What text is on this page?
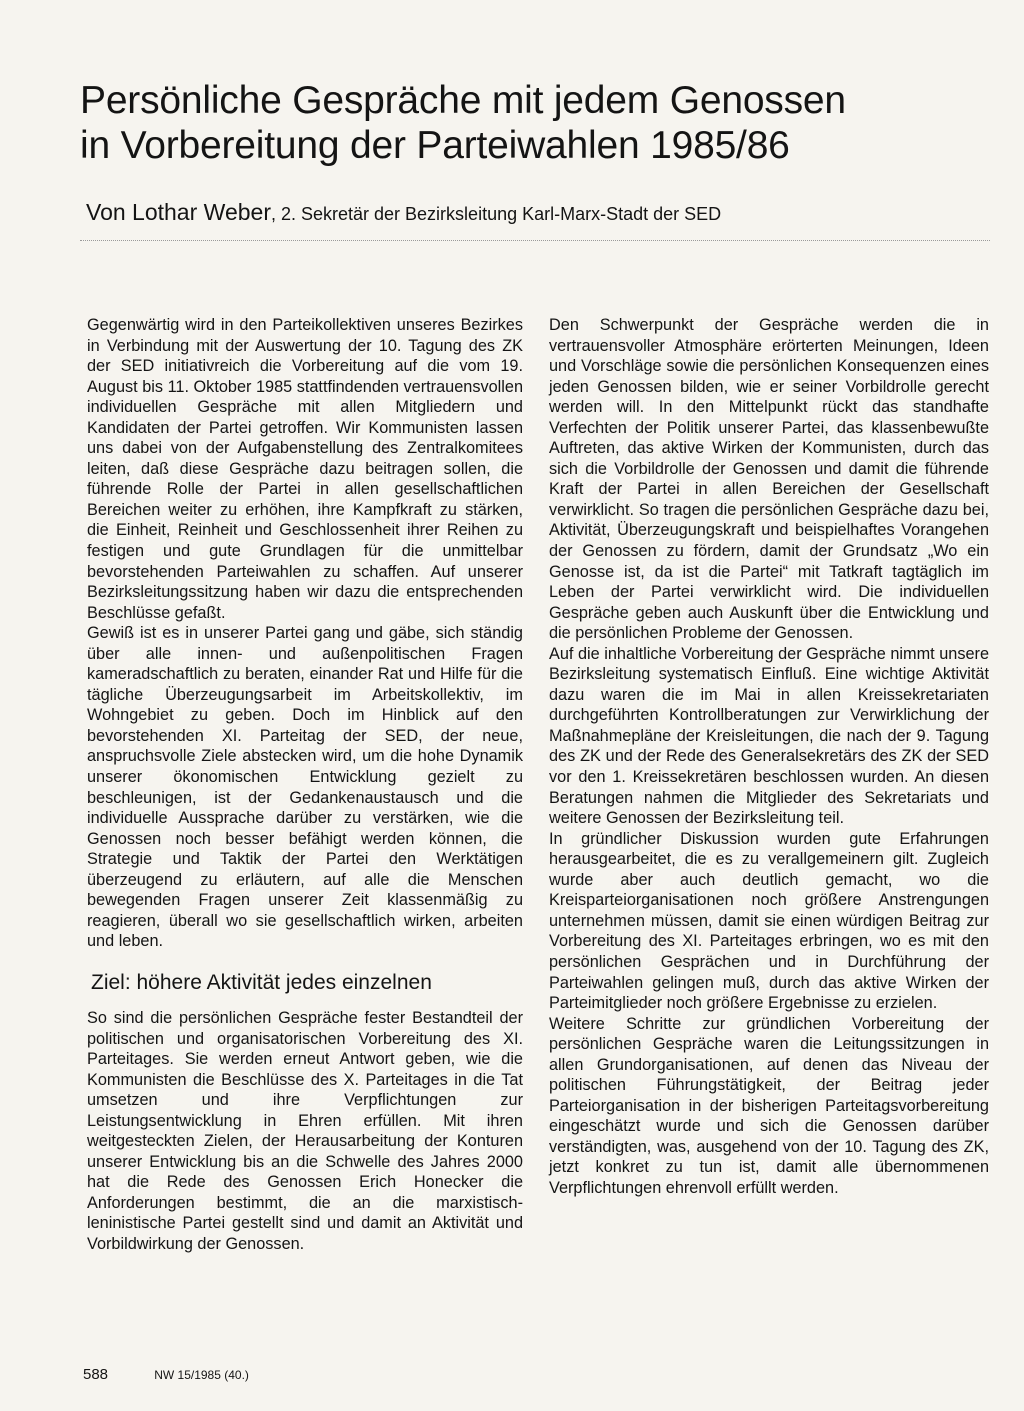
Persönliche Gespräche mit jedem Genossen
in Vorbereitung der Parteiwahlen 1985/86
Von Lothar Weber, 2. Sekretär der Bezirksleitung Karl-Marx-Stadt der SED

Gegenwärtig wird in den Parteikollektiven unseres Bezirkes in Verbindung mit der Auswertung der 10. Tagung des ZK der SED initiativreich die Vorbereitung auf die vom 19. August bis 11. Oktober 1985 stattfindenden vertrauensvollen individuellen Gespräche mit allen Mitgliedern und Kandidaten der Partei getroffen. Wir Kommunisten lassen uns dabei von der Aufgabenstellung des Zentralkomitees leiten, daß diese Gespräche dazu beitragen sollen, die führende Rolle der Partei in allen gesellschaftlichen Bereichen weiter zu erhöhen, ihre Kampfkraft zu stärken, die Einheit, Reinheit und Geschlossenheit ihrer Reihen zu festigen und gute Grundlagen für die unmittelbar bevorstehenden Parteiwahlen zu schaffen. Auf unserer Bezirksleitungssitzung haben wir dazu die entsprechenden Beschlüsse gefaßt.

Gewiß ist es in unserer Partei gang und gäbe, sich ständig über alle innen- und außenpolitischen Fragen kameradschaftlich zu beraten, einander Rat und Hilfe für die tägliche Überzeugungsarbeit im Arbeitskollektiv, im Wohngebiet zu geben. Doch im Hinblick auf den bevorstehenden XI. Parteitag der SED, der neue, anspruchsvolle Ziele abstecken wird, um die hohe Dynamik unserer ökonomischen Entwicklung gezielt zu beschleunigen, ist der Gedankenaustausch und die individuelle Aussprache darüber zu verstärken, wie die Genossen noch besser befähigt werden können, die Strategie und Taktik der Partei den Werktätigen überzeugend zu erläutern, auf alle die Menschen bewegenden Fragen unserer Zeit klassenmäßig zu reagieren, überall wo sie gesellschaftlich wirken, arbeiten und leben.

Ziel: höhere Aktivität jedes einzelnen

So sind die persönlichen Gespräche fester Bestandteil der politischen und organisatorischen Vorbereitung des XI. Parteitages. Sie werden erneut Antwort geben, wie die Kommunisten die Beschlüsse des X. Parteitages in die Tat umsetzen und ihre Verpflichtungen zur Leistungsentwicklung in Ehren erfüllen. Mit ihren weitgesteckten Zielen, der Herausarbeitung der Konturen unserer Entwicklung bis an die Schwelle des Jahres 2000 hat die Rede des Genossen Erich Honecker die Anforderungen bestimmt, die an die marxistisch-leninistische Partei gestellt sind und damit an Aktivität und Vorbildwirkung der Genossen.

Den Schwerpunkt der Gespräche werden die in vertrauensvoller Atmosphäre erörterten Meinungen, Ideen und Vorschläge sowie die persönlichen Konsequenzen eines jeden Genossen bilden, wie er seiner Vorbildrolle gerecht werden will. In den Mittelpunkt rückt das standhafte Verfechten der Politik unserer Partei, das klassenbewußte Auftreten, das aktive Wirken der Kommunisten, durch das sich die Vorbildrolle der Genossen und damit die führende Kraft der Partei in allen Bereichen der Gesellschaft verwirklicht. So tragen die persönlichen Gespräche dazu bei, Aktivität, Überzeugungskraft und beispielhaftes Vorangehen der Genossen zu fördern, damit der Grundsatz „Wo ein Genosse ist, da ist die Partei“ mit Tatkraft tagtäglich im Leben der Partei verwirklicht wird. Die individuellen Gespräche geben auch Auskunft über die Entwicklung und die persönlichen Probleme der Genossen.

Auf die inhaltliche Vorbereitung der Gespräche nimmt unsere Bezirksleitung systematisch Einfluß. Eine wichtige Aktivität dazu waren die im Mai in allen Kreissekretariaten durchgeführten Kontrollberatungen zur Verwirklichung der Maßnahmepläne der Kreisleitungen, die nach der 9. Tagung des ZK und der Rede des Generalsekretärs des ZK der SED vor den 1. Kreissekretären beschlossen wurden. An diesen Beratungen nahmen die Mitglieder des Sekretariats und weitere Genossen der Bezirksleitung teil.

In gründlicher Diskussion wurden gute Erfahrungen herausgearbeitet, die es zu verallgemeinern gilt. Zugleich wurde aber auch deutlich gemacht, wo die Kreisparteiorganisationen noch größere Anstrengungen unternehmen müssen, damit sie einen würdigen Beitrag zur Vorbereitung des XI. Parteitages erbringen, wo es mit den persönlichen Gesprächen und in Durchführung der Parteiwahlen gelingen muß, durch das aktive Wirken der Parteimitglieder noch größere Ergebnisse zu erzielen.

Weitere Schritte zur gründlichen Vorbereitung der persönlichen Gespräche waren die Leitungssitzungen in allen Grundorganisationen, auf denen das Niveau der politischen Führungstätigkeit, der Beitrag jeder Parteiorganisation in der bisherigen Parteitagsvorbereitung eingeschätzt wurde und sich die Genossen darüber verständigten, was, ausgehend von der 10. Tagung des ZK, jetzt konkret zu tun ist, damit alle übernommenen Verpflichtungen ehrenvoll erfüllt werden.

588	NW 15/1985 (40.)
